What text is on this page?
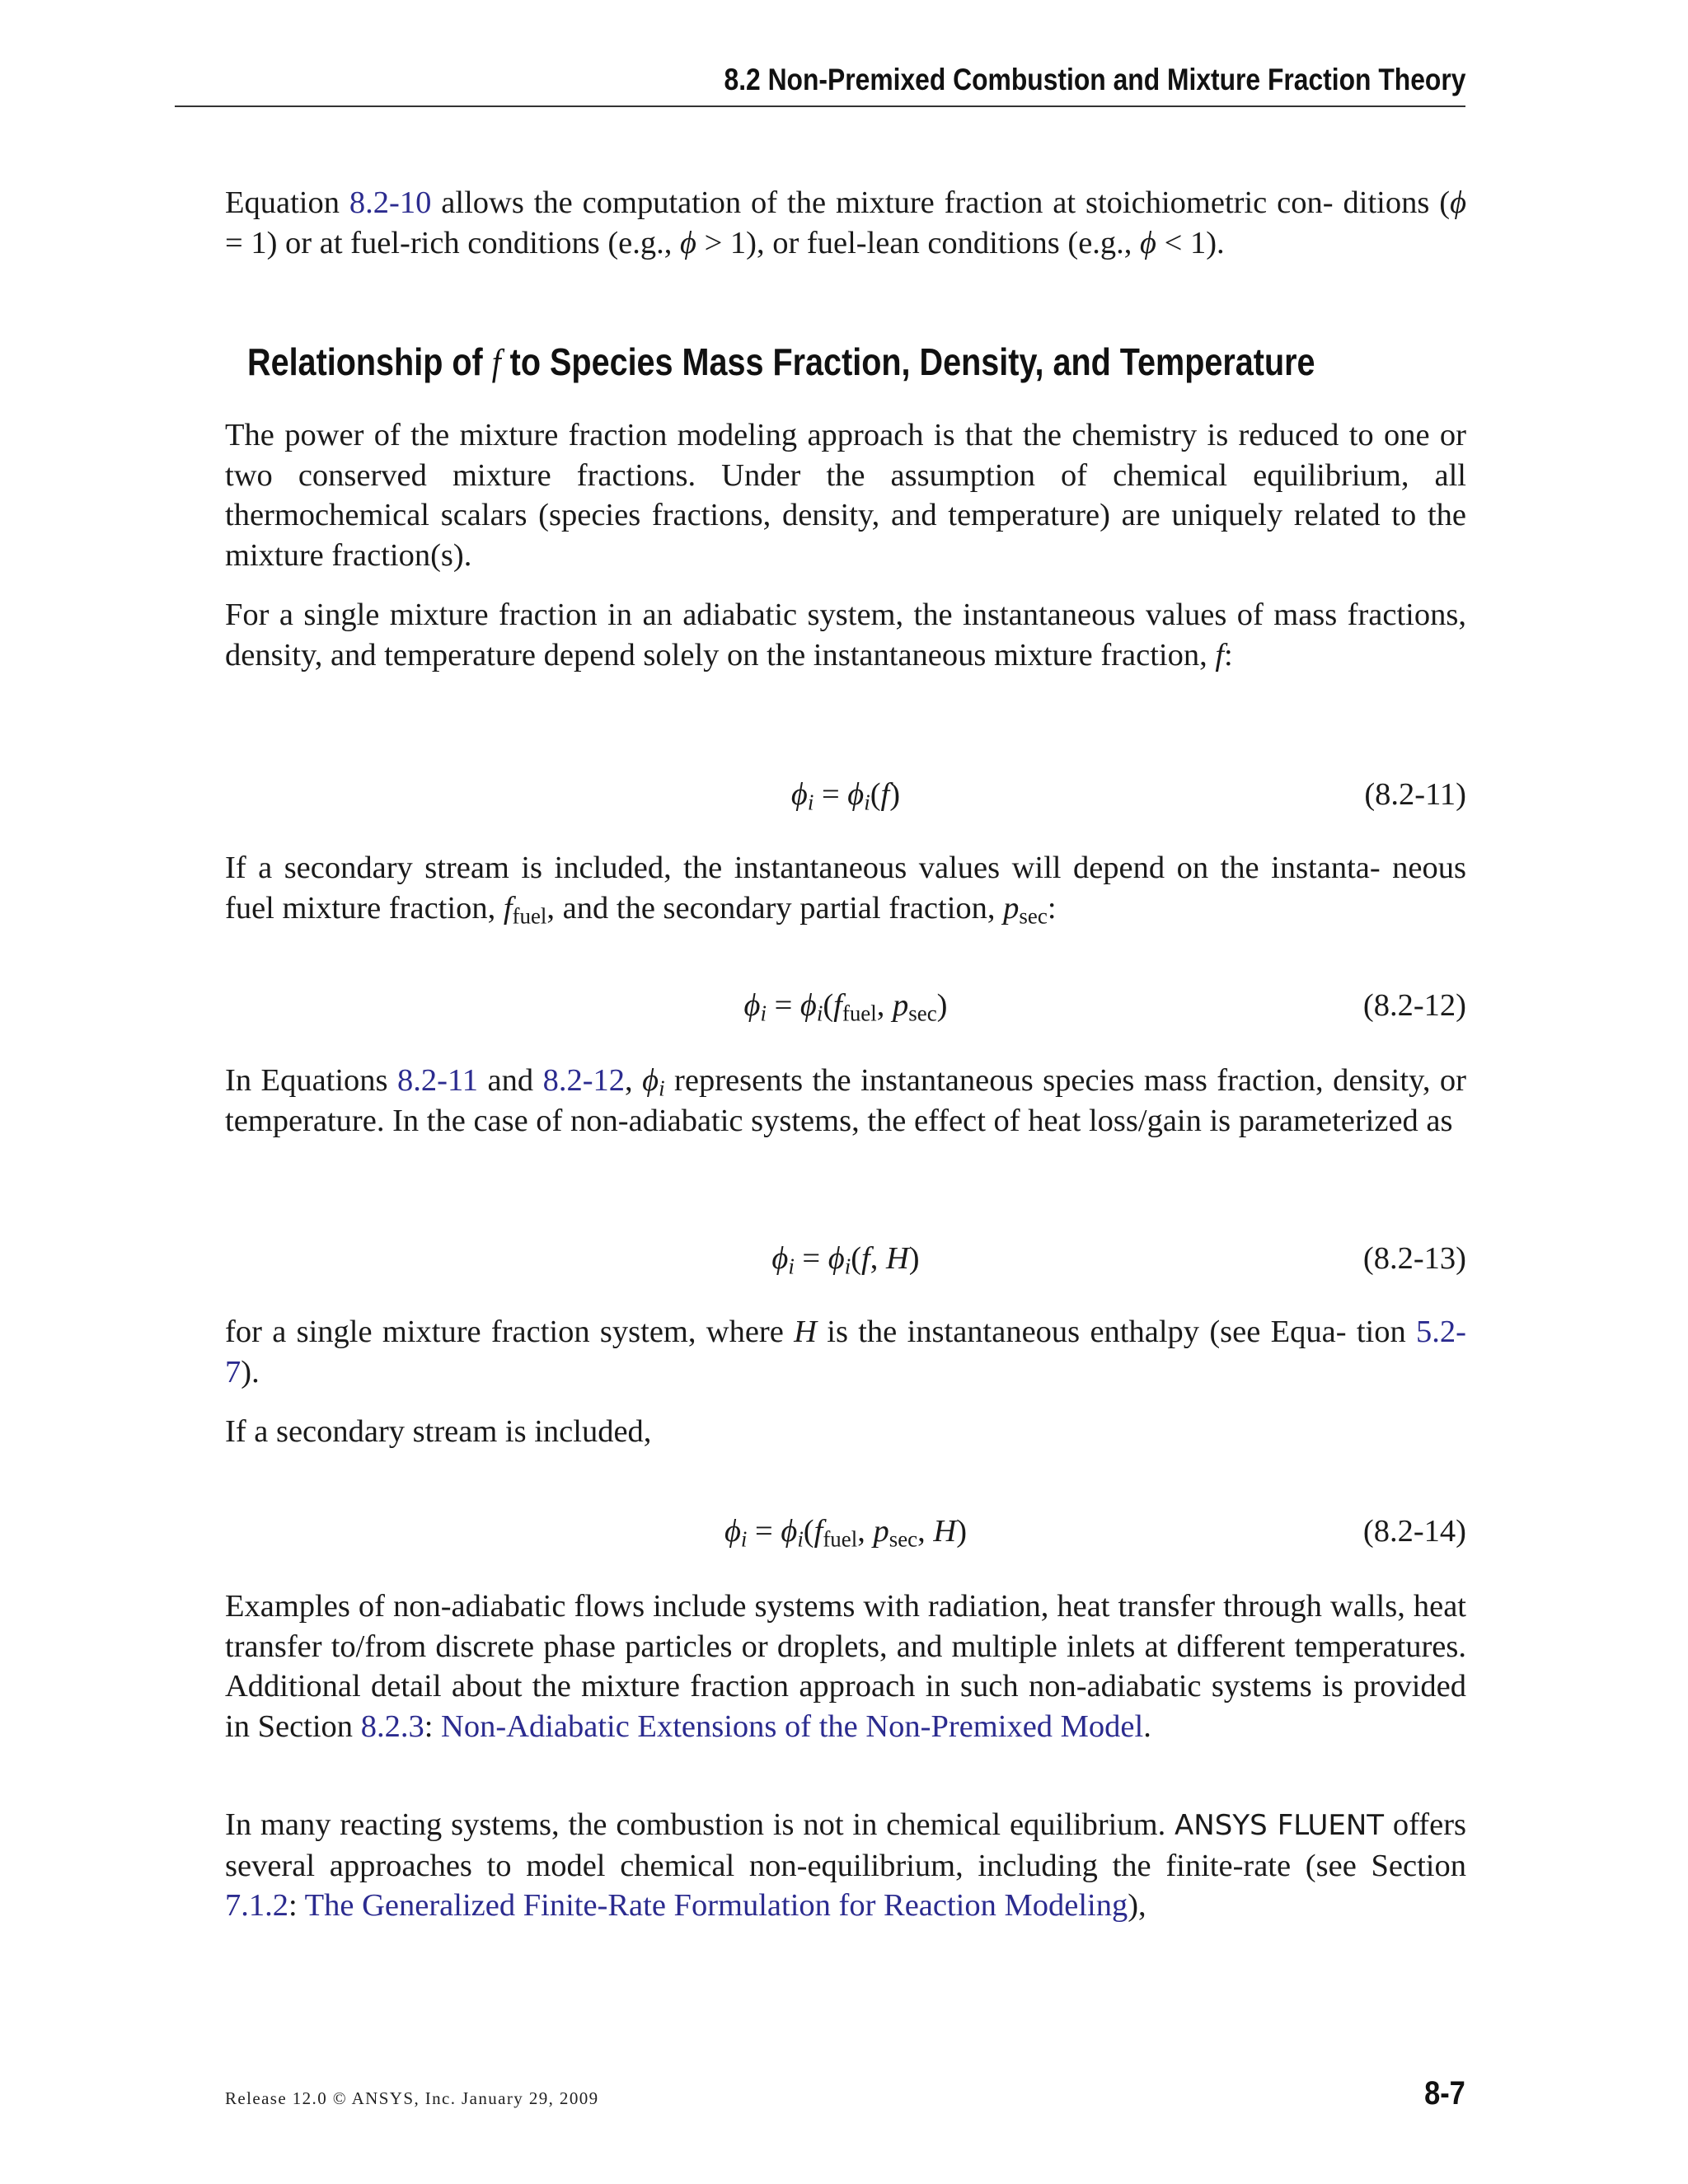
8.2 Non-Premixed Combustion and Mixture Fraction Theory

Equation 8.2-10 allows the computation of the mixture fraction at stoichiometric con- ditions (ϕ = 1) or at fuel-rich conditions (e.g., ϕ > 1), or fuel-lean conditions (e.g., ϕ < 1).

The power of the mixture fraction modeling approach is that the chemistry is reduced to one or two conserved mixture fractions. Under the assumption of chemical equilibrium, all thermochemical scalars (species fractions, density, and temperature) are uniquely related to the mixture fraction(s).

For a single mixture fraction in an adiabatic system, the instantaneous values of mass fractions, density, and temperature depend solely on the instantaneous mixture fraction, f:

If a secondary stream is included, the instantaneous values will depend on the instanta- neous fuel mixture fraction, $f_{fuel}$, and the secondary partial fraction, $p_{sec}$:

In Equations 8.2-11 and 8.2-12, $\phi_i$ represents the instantaneous species mass fraction, density, or temperature. In the case of non-adiabatic systems, the effect of heat loss/gain is parameterized as

for a single mixture fraction system, where H is the instantaneous enthalpy (see Equa- tion 5.2-7).

If a secondary stream is included,

Examples of non-adiabatic flows include systems with radiation, heat transfer through walls, heat transfer to/from discrete phase particles or droplets, and multiple inlets at different temperatures. Additional detail about the mixture fraction approach in such non-adiabatic systems is provided in Section 8.2.3: Non-Adiabatic Extensions of the Non-Premixed Model.

In many reacting systems, the combustion is not in chemical equilibrium. ANSYS FLUENT offers several approaches to model chemical non-equilibrium, including the finite-rate (see Section 7.1.2: The Generalized Finite-Rate Formulation for Reaction Modeling),

Relationship of f to Species Mass Fraction, Density, and Temperature
$\phi_i = \phi_i(f)$	(8.2-11)
$\phi_i = \phi_i(f_{fuel}$, $p_{sec}$)	(8.2-12)
$\phi_i = \phi_i(f$, H)	(8.2-13)
$\phi_i = \phi_i(f_{fuel}$, $p_{sec}$, H)	(8.2-14)
Release 12.0 © ANSYS, Inc. January 29, 2009	8-7
